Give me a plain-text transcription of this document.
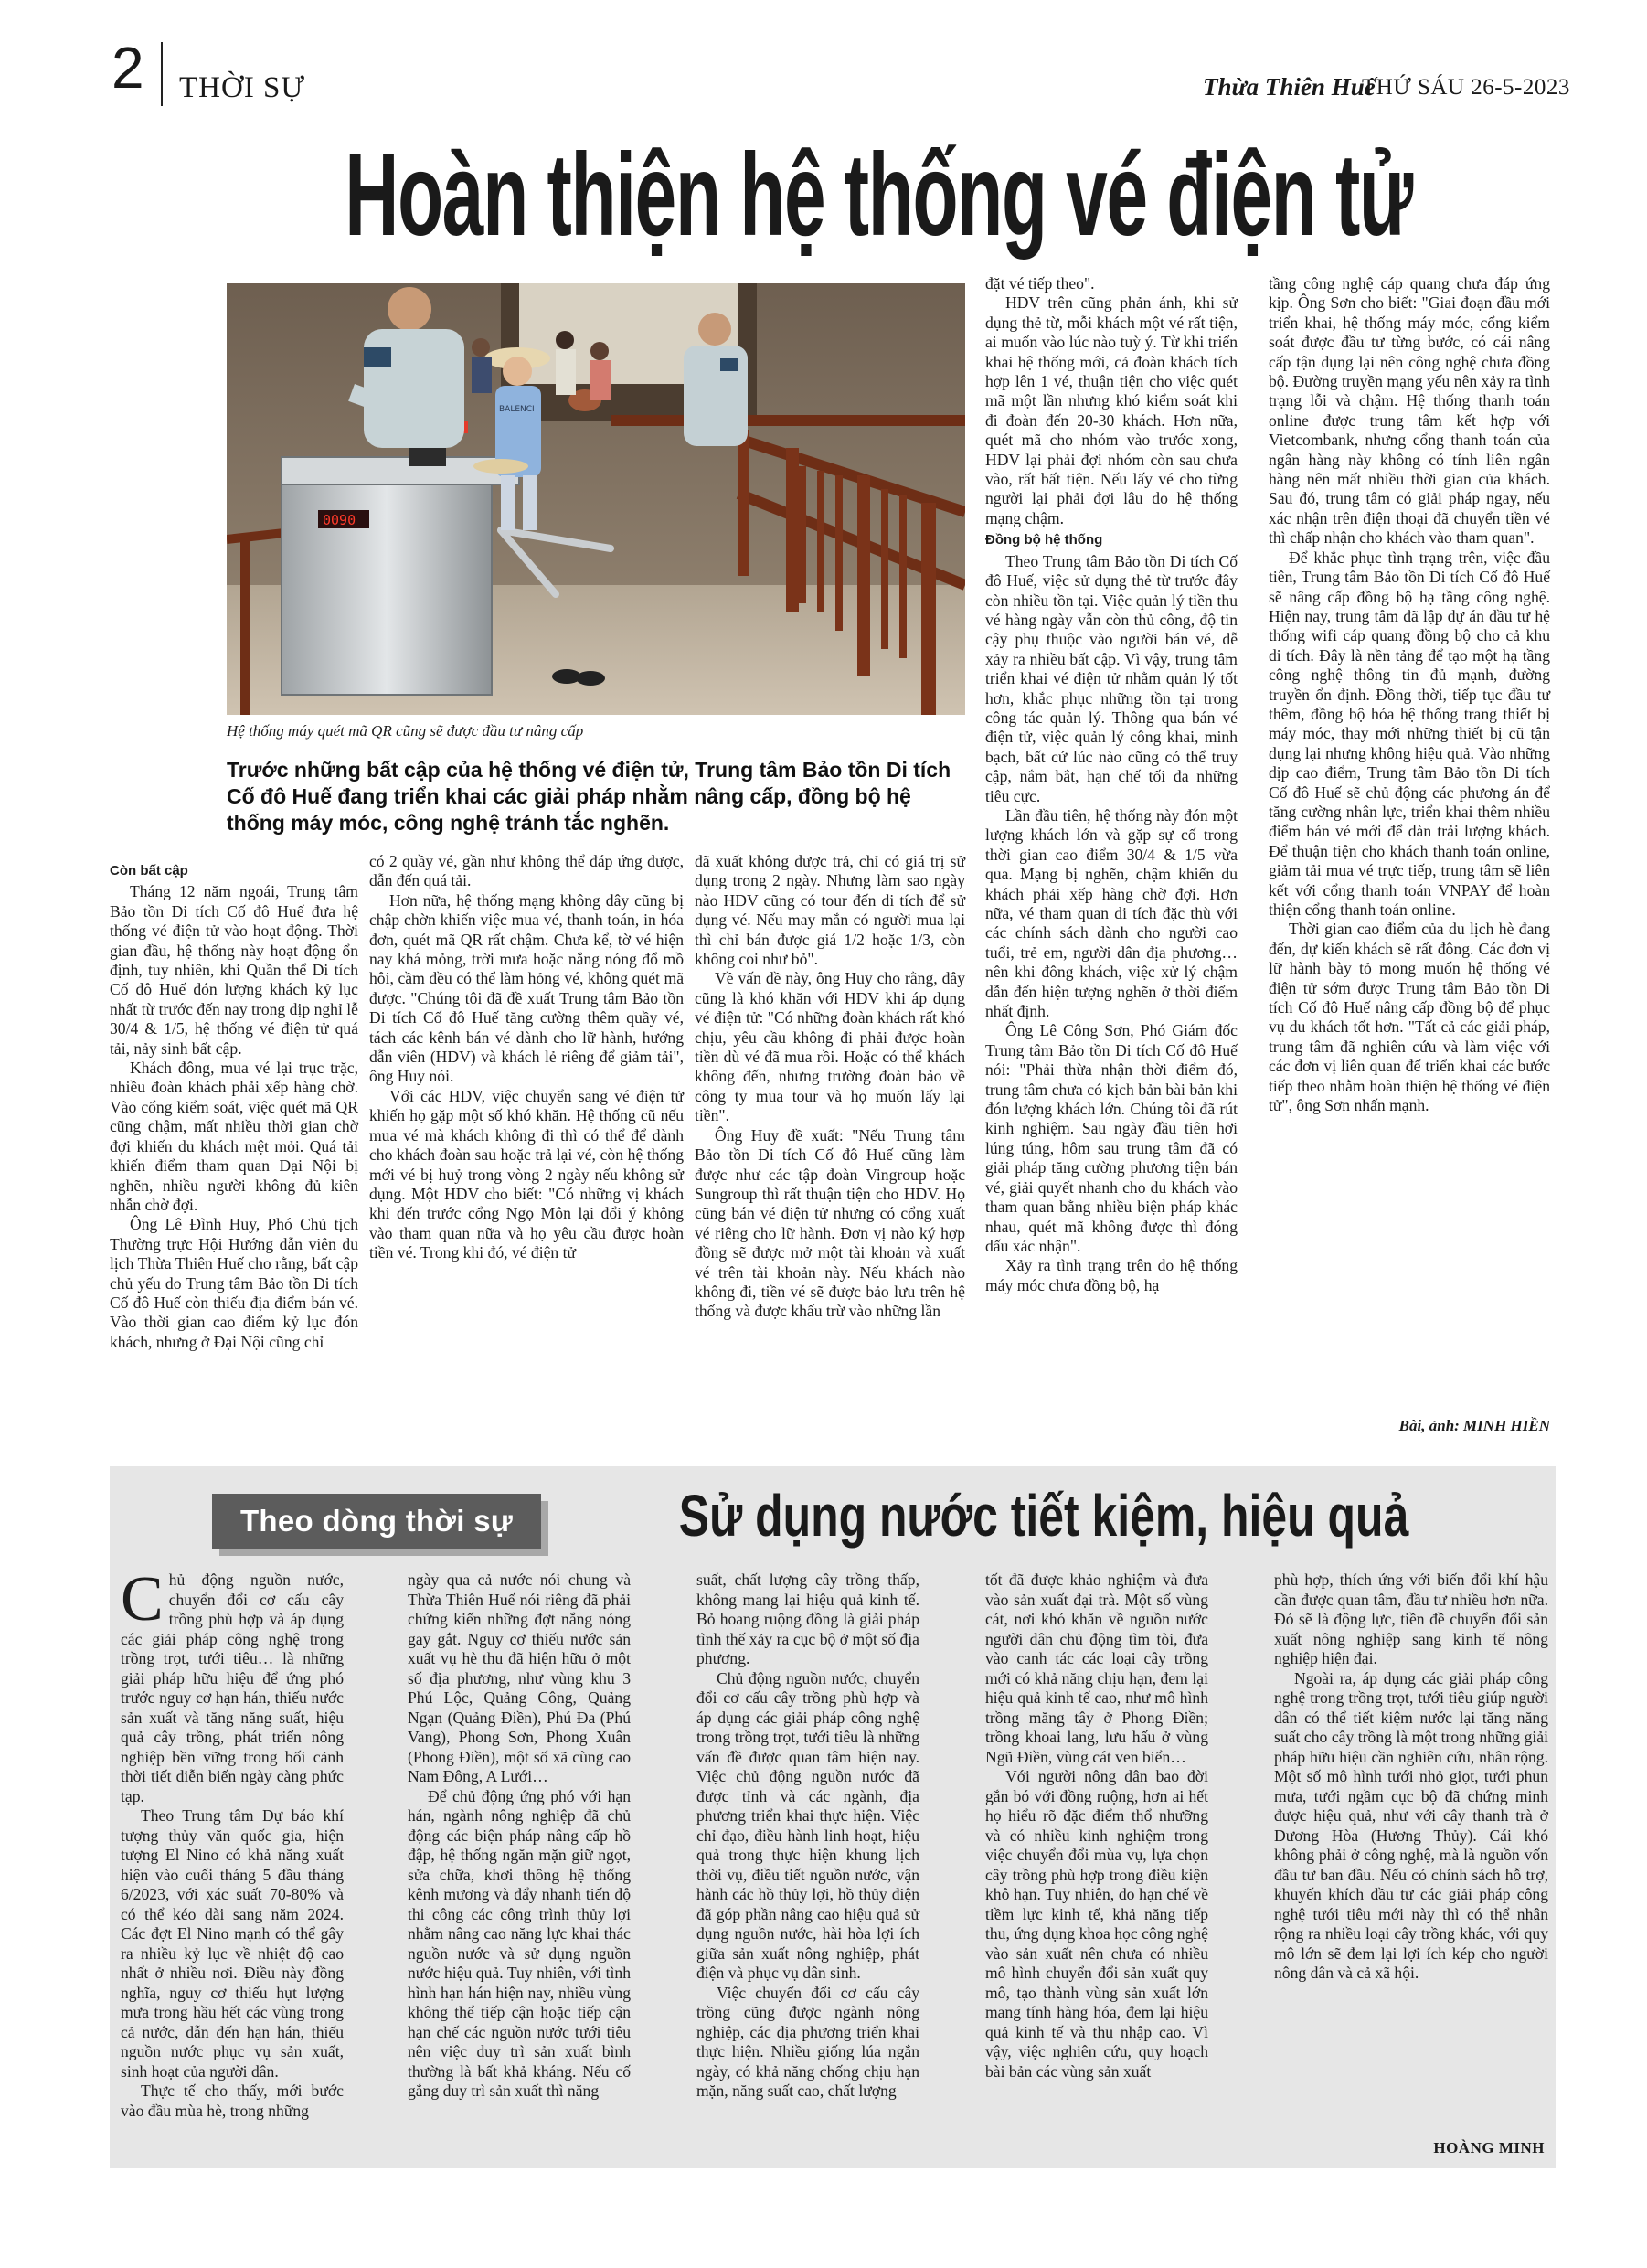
2 THỜI SỰ	Thừa Thiên Huế
THỨ SÁU 26-5-2023
Hoàn thiện hệ thống vé điện tử
0090
BALENCI
Hệ thống máy quét mã QR cũng sẽ được đầu tư nâng cấp
Trước những bất cập của hệ thống vé điện tử, Trung tâm Bảo tồn Di tích Cố đô Huế đang triển khai các giải pháp nhằm nâng cấp, đồng bộ hệ thống máy móc, công nghệ tránh tắc nghẽn.
Còn bất cập

Tháng 12 năm ngoái, Trung tâm Bảo tồn Di tích Cố đô Huế đưa hệ thống vé điện tử vào hoạt động. Thời gian đầu, hệ thống này hoạt động ổn định, tuy nhiên, khi Quần thể Di tích Cố đô Huế đón lượng khách kỷ lục nhất từ trước đến nay trong dịp nghỉ lễ 30/4 & 1/5, hệ thống vé điện tử quá tải, nảy sinh bất cập.

Khách đông, mua vé lại trục trặc, nhiều đoàn khách phải xếp hàng chờ. Vào cổng kiểm soát, việc quét mã QR cũng chậm, mất nhiều thời gian chờ đợi khiến du khách mệt mỏi. Quá tải khiến điểm tham quan Đại Nội bị nghẽn, nhiều người không đủ kiên nhẫn chờ đợi.

Ông Lê Đình Huy, Phó Chủ tịch Thường trực Hội Hướng dẫn viên du lịch Thừa Thiên Huế cho rằng, bất cập chủ yếu do Trung tâm Bảo tồn Di tích Cố đô Huế còn thiếu địa điểm bán vé. Vào thời gian cao điểm kỷ lục đón khách, nhưng ở Đại Nội cũng chỉ

có 2 quầy vé, gần như không thể đáp ứng được, dẫn đến quá tải.

Hơn nữa, hệ thống mạng không dây cũng bị chập chờn khiến việc mua vé, thanh toán, in hóa đơn, quét mã QR rất chậm. Chưa kể, tờ vé hiện nay khá mỏng, trời mưa hoặc nắng nóng đổ mồ hôi, cầm đều có thể làm hỏng vé, không quét mã được. "Chúng tôi đã đề xuất Trung tâm Bảo tồn Di tích Cố đô Huế tăng cường thêm quầy vé, tách các kênh bán vé dành cho lữ hành, hướng dẫn viên (HDV) và khách lẻ riêng để giảm tải", ông Huy nói.

Với các HDV, việc chuyển sang vé điện tử khiến họ gặp một số khó khăn. Hệ thống cũ nếu mua vé mà khách không đi thì có thể để dành cho khách đoàn sau hoặc trả lại vé, còn hệ thống mới vé bị huỷ trong vòng 2 ngày nếu không sử dụng. Một HDV cho biết: "Có những vị khách khi đến trước cổng Ngọ Môn lại đổi ý không vào tham quan nữa và họ yêu cầu được hoàn tiền vé. Trong khi đó, vé điện tử

đã xuất không được trả, chỉ có giá trị sử dụng trong 2 ngày. Nhưng làm sao ngày nào HDV cũng có tour đến di tích để sử dụng vé. Nếu may mắn có người mua lại thì chỉ bán được giá 1/2 hoặc 1/3, còn không coi như bỏ".

Về vấn đề này, ông Huy cho rằng, đây cũng là khó khăn với HDV khi áp dụng vé điện tử: "Có những đoàn khách rất khó chịu, yêu cầu không đi phải được hoàn tiền dù vé đã mua rồi. Hoặc có thể khách không đến, nhưng trường đoàn bảo về công ty mua tour và họ muốn lấy lại tiền".

Ông Huy đề xuất: "Nếu Trung tâm Bảo tồn Di tích Cố đô Huế cũng làm được như các tập đoàn Vingroup hoặc Sungroup thì rất thuận tiện cho HDV. Họ cũng bán vé điện tử nhưng có cổng xuất vé riêng cho lữ hành. Đơn vị nào ký hợp đồng sẽ được mở một tài khoản và xuất vé trên tài khoản này. Nếu khách nào không đi, tiền vé sẽ được bảo lưu trên hệ thống và được khấu trừ vào những lần

đặt vé tiếp theo".

HDV trên cũng phản ánh, khi sử dụng thẻ từ, mỗi khách một vé rất tiện, ai muốn vào lúc nào tuỳ ý. Từ khi triển khai hệ thống mới, cả đoàn khách tích hợp lên 1 vé, thuận tiện cho việc quét mã một lần nhưng khó kiểm soát khi đi đoàn đến 20-30 khách. Hơn nữa, quét mã cho nhóm vào trước xong, HDV lại phải đợi nhóm còn sau chưa vào, rất bất tiện. Nếu lấy vé cho từng người lại phải đợi lâu do hệ thống mạng chậm.

Đồng bộ hệ thống

Theo Trung tâm Bảo tồn Di tích Cố đô Huế, việc sử dụng thẻ từ trước đây còn nhiều tồn tại. Việc quản lý tiền thu vé hàng ngày vẫn còn thủ công, độ tin cậy phụ thuộc vào người bán vé, dễ xảy ra nhiều bất cập. Vì vậy, trung tâm triển khai vé điện tử nhằm quản lý tốt hơn, khắc phục những tồn tại trong công tác quản lý. Thông qua bán vé điện tử, việc quản lý công khai, minh bạch, bất cứ lúc nào cũng có thể truy cập, nắm bắt, hạn chế tối đa những tiêu cực.

Lần đầu tiên, hệ thống này đón một lượng khách lớn và gặp sự cố trong thời gian cao điểm 30/4 & 1/5 vừa qua. Mạng bị nghẽn, chậm khiến du khách phải xếp hàng chờ đợi. Hơn nữa, vé tham quan di tích đặc thù với các chính sách dành cho người cao tuổi, trẻ em, người dân địa phương… nên khi đông khách, việc xử lý chậm dẫn đến hiện tượng nghẽn ở thời điểm nhất định.

Ông Lê Công Sơn, Phó Giám đốc Trung tâm Bảo tồn Di tích Cố đô Huế nói: "Phải thừa nhận thời điểm đó, trung tâm chưa có kịch bản bài bản khi đón lượng khách lớn. Chúng tôi đã rút kinh nghiệm. Sau ngày đầu tiên hơi lúng túng, hôm sau trung tâm đã có giải pháp tăng cường phương tiện bán vé, giải quyết nhanh cho du khách vào tham quan bằng nhiều biện pháp khác nhau, quét mã không được thì đóng dấu xác nhận".

Xảy ra tình trạng trên do hệ thống máy móc chưa đồng bộ, hạ

tầng công nghệ cáp quang chưa đáp ứng kịp. Ông Sơn cho biết: "Giai đoạn đầu mới triển khai, hệ thống máy móc, cổng kiểm soát được đầu tư từng bước, có cái nâng cấp tận dụng lại nên công nghệ chưa đồng bộ. Đường truyền mạng yếu nên xảy ra tình trạng lỗi và chậm. Hệ thống thanh toán online được trung tâm kết hợp với Vietcombank, nhưng cổng thanh toán của ngân hàng này không có tính liên ngân hàng nên mất nhiều thời gian của khách. Sau đó, trung tâm có giải pháp ngay, nếu xác nhận trên điện thoại đã chuyển tiền vé thì chấp nhận cho khách vào tham quan".

Để khắc phục tình trạng trên, việc đầu tiên, Trung tâm Bảo tồn Di tích Cố đô Huế sẽ nâng cấp đồng bộ hạ tầng công nghệ. Hiện nay, trung tâm đã lập dự án đầu tư hệ thống wifi cáp quang đồng bộ cho cả khu di tích. Đây là nền tảng để tạo một hạ tầng công nghệ thông tin đủ mạnh, đường truyền ổn định. Đồng thời, tiếp tục đầu tư thêm, đồng bộ hóa hệ thống trang thiết bị máy móc, thay mới những thiết bị cũ tận dụng lại nhưng không hiệu quả. Vào những dịp cao điểm, Trung tâm Bảo tồn Di tích Cố đô Huế sẽ chủ động các phương án để tăng cường nhân lực, triển khai thêm nhiều điểm bán vé mới để dàn trải lượng khách. Để thuận tiện cho khách thanh toán online, giảm tải mua vé trực tiếp, trung tâm sẽ liên kết với cổng thanh toán VNPAY để hoàn thiện cổng thanh toán online.

Thời gian cao điểm của du lịch hè đang đến, dự kiến khách sẽ rất đông. Các đơn vị lữ hành bày tỏ mong muốn hệ thống vé điện tử sớm được Trung tâm Bảo tồn Di tích Cố đô Huế nâng cấp đồng bộ để phục vụ du khách tốt hơn. "Tất cả các giải pháp, trung tâm đã nghiên cứu và làm việc với các đơn vị liên quan để triển khai các bước tiếp theo nhằm hoàn thiện hệ thống vé điện tử", ông Sơn nhấn mạnh.

Bài, ảnh: MINH HIỀN
Theo dòng thời sự	Sử dụng nước tiết kiệm, hiệu quả
C hủ động nguồn nước, chuyển đổi cơ cấu cây trồng phù hợp và áp dụng các giải pháp công nghệ trong trồng trọt, tưới tiêu… là những giải pháp hữu hiệu để ứng phó trước nguy cơ hạn hán, thiếu nước sản xuất và tăng năng suất, hiệu quả cây trồng, phát triển nông nghiệp bền vững trong bối cảnh thời tiết diễn biến ngày càng phức tạp.

Theo Trung tâm Dự báo khí tượng thủy văn quốc gia, hiện tượng El Nino có khả năng xuất hiện vào cuối tháng 5 đầu tháng 6/2023, với xác suất 70-80% và có thể kéo dài sang năm 2024. Các đợt El Nino mạnh có thể gây ra nhiều kỷ lục về nhiệt độ cao nhất ở nhiều nơi. Điều này đồng nghĩa, nguy cơ thiếu hụt lượng mưa trong hầu hết các vùng trong cả nước, dẫn đến hạn hán, thiếu nguồn nước phục vụ sản xuất, sinh hoạt của người dân.

Thực tế cho thấy, mới bước vào đầu mùa hè, trong những

ngày qua cả nước nói chung và Thừa Thiên Huế nói riêng đã phải chứng kiến những đợt nắng nóng gay gắt. Nguy cơ thiếu nước sản xuất vụ hè thu đã hiện hữu ở một số địa phương, như vùng khu 3 Phú Lộc, Quảng Công, Quảng Ngạn (Quảng Điền), Phú Đa (Phú Vang), Phong Sơn, Phong Xuân (Phong Điền), một số xã cùng cao Nam Đông, A Lưới…

Để chủ động ứng phó với hạn hán, ngành nông nghiệp đã chủ động các biện pháp nâng cấp hồ đập, hệ thống ngăn mặn giữ ngọt, sửa chữa, khơi thông hệ thống kênh mương và đẩy nhanh tiến độ thi công các công trình thủy lợi nhằm nâng cao năng lực khai thác nguồn nước và sử dụng nguồn nước hiệu quả. Tuy nhiên, với tình hình hạn hán hiện nay, nhiều vùng không thể tiếp cận hoặc tiếp cận hạn chế các nguồn nước tưới tiêu nên việc duy trì sản xuất bình thường là bất khả kháng. Nếu cố gắng duy trì sản xuất thì năng

suất, chất lượng cây trồng thấp, không mang lại hiệu quả kinh tế. Bỏ hoang ruộng đồng là giải pháp tình thế xảy ra cục bộ ở một số địa phương.

Chủ động nguồn nước, chuyển đổi cơ cấu cây trồng phù hợp và áp dụng các giải pháp công nghệ trong trồng trọt, tưới tiêu là những vấn đề được quan tâm hiện nay. Việc chủ động nguồn nước đã được tỉnh và các ngành, địa phương triển khai thực hiện. Việc chỉ đạo, điều hành linh hoạt, hiệu quả trong thực hiện khung lịch thời vụ, điều tiết nguồn nước, vận hành các hồ thủy lợi, hồ thủy điện đã góp phần nâng cao hiệu quả sử dụng nguồn nước, hài hòa lợi ích giữa sản xuất nông nghiệp, phát điện và phục vụ dân sinh.

Việc chuyển đổi cơ cấu cây trồng cũng được ngành nông nghiệp, các địa phương triển khai thực hiện. Nhiều giống lúa ngắn ngày, có khả năng chống chịu hạn mặn, năng suất cao, chất lượng

tốt đã được khảo nghiệm và đưa vào sản xuất đại trà. Một số vùng cát, nơi khó khăn về nguồn nước người dân chủ động tìm tòi, đưa vào canh tác các loại cây trồng mới có khả năng chịu hạn, đem lại hiệu quả kinh tế cao, như mô hình trồng măng tây ở Phong Điền; trồng khoai lang, lưu hấu ở vùng Ngũ Điền, vùng cát ven biển…

Với người nông dân bao đời gắn bó với đồng ruộng, hơn ai hết họ hiểu rõ đặc điểm thổ nhưỡng và có nhiều kinh nghiệm trong việc chuyển đổi mùa vụ, lựa chọn cây trồng phù hợp trong điều kiện khô hạn. Tuy nhiên, do hạn chế về tiềm lực kinh tế, khả năng tiếp thu, ứng dụng khoa học công nghệ vào sản xuất nên chưa có nhiều mô hình chuyển đổi sản xuất quy mô, tạo thành vùng sản xuất lớn mang tính hàng hóa, đem lại hiệu quả kinh tế và thu nhập cao. Vì vậy, việc nghiên cứu, quy hoạch bài bản các vùng sản xuất

phù hợp, thích ứng với biến đổi khí hậu cần được quan tâm, đầu tư nhiều hơn nữa. Đó sẽ là động lực, tiền đề chuyển đổi sản xuất nông nghiệp sang kinh tế nông nghiệp hiện đại.

Ngoài ra, áp dụng các giải pháp công nghệ trong trồng trọt, tưới tiêu giúp người dân có thể tiết kiệm nước lại tăng năng suất cho cây trồng là một trong những giải pháp hữu hiệu cần nghiên cứu, nhân rộng. Một số mô hình tưới nhỏ giọt, tưới phun mưa, tưới ngầm cục bộ đã chứng minh được hiệu quả, như với cây thanh trà ở Dương Hòa (Hương Thủy). Cái khó không phải ở công nghệ, mà là nguồn vốn đầu tư ban đầu. Nếu có chính sách hỗ trợ, khuyến khích đầu tư các giải pháp công nghệ tưới tiêu mới này thì có thể nhân rộng ra nhiều loại cây trồng khác, với quy mô lớn sẽ đem lại lợi ích kép cho người nông dân và cả xã hội.

HOÀNG MINH
